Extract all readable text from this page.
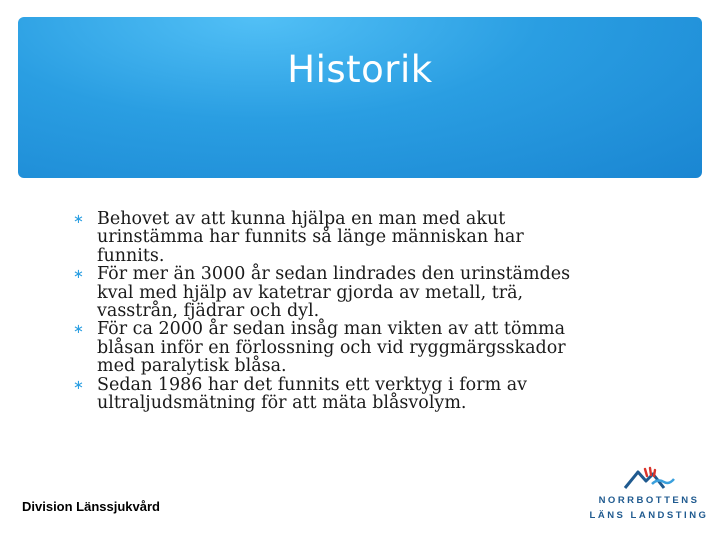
Historik
∗ Behovet av att kunna hjälpa en man med akut
urinstämma har funnits så länge människan har
funnits.
∗ För mer än 3000 år sedan lindrades den urinstämdes
kval med hjälp av katetrar gjorda av metall, trä,
vasstrån, fjädrar och dyl.
∗ För ca 2000 år sedan insåg man vikten av att tömma
blåsan inför en förlossning och vid ryggmärgsskador
med paralytisk blåsa.
∗ Sedan 1986 har det funnits ett verktyg i form av
ultraljudsmätning för att mäta blåsvolym.
Division Länssjukvård	NORRBOTTENS
LÄNS LANDSTING
